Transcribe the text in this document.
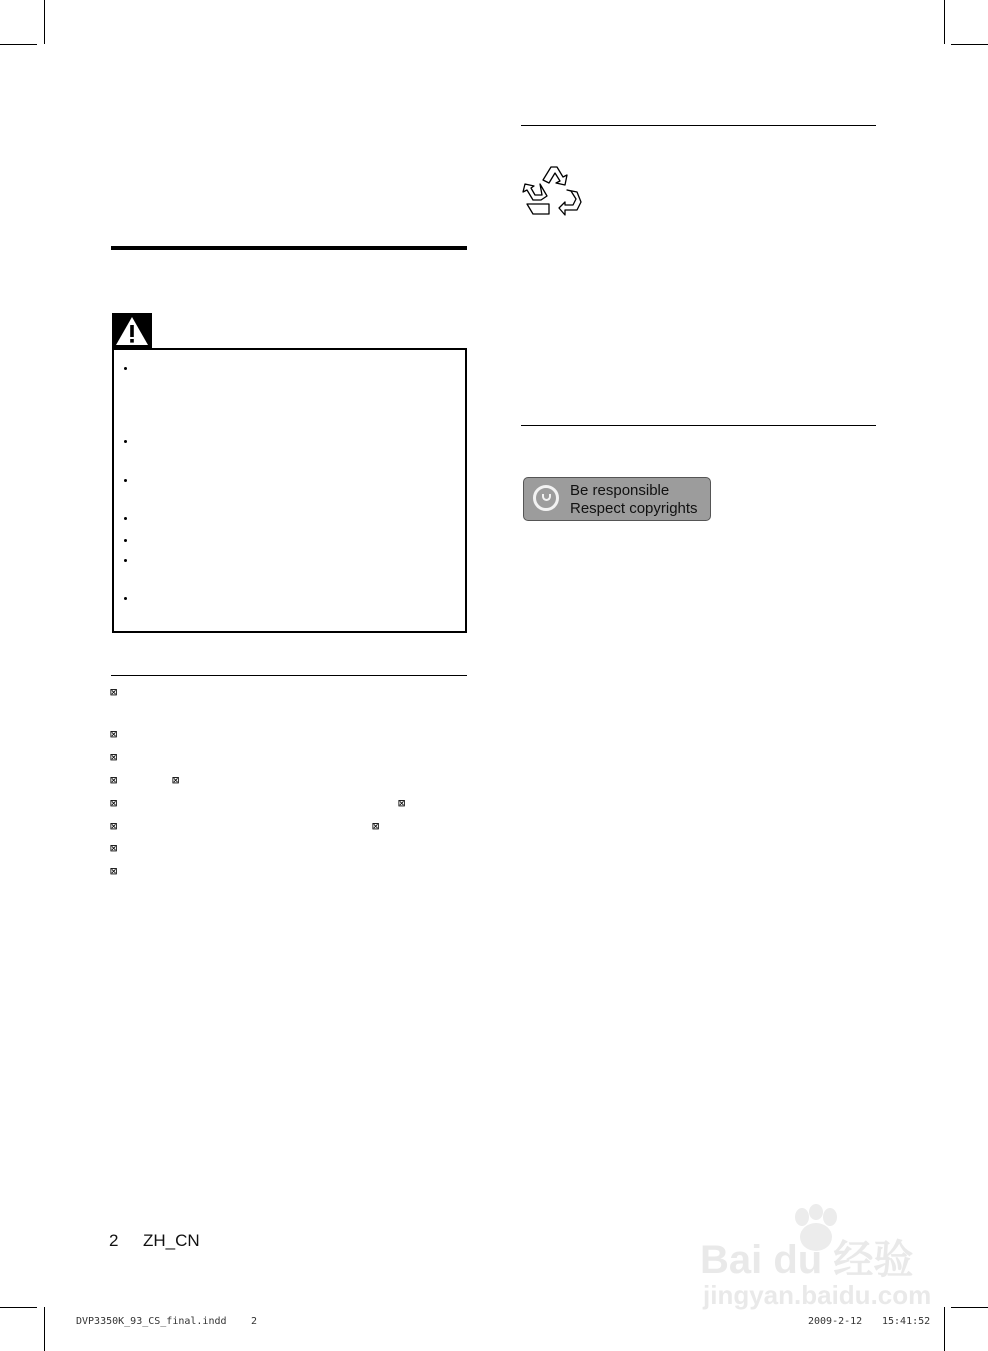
⊠
⊠
⊠
⊠	⊠
⊠	⊠
⊠	⊠
⊠
⊠
Be responsible
Respect copyrights
2 ZH_CN	Bai du 经验
jingyan.baidu.com
DVP3350K_93_CS_final.indd 2	2009-2-12 15:41:52
